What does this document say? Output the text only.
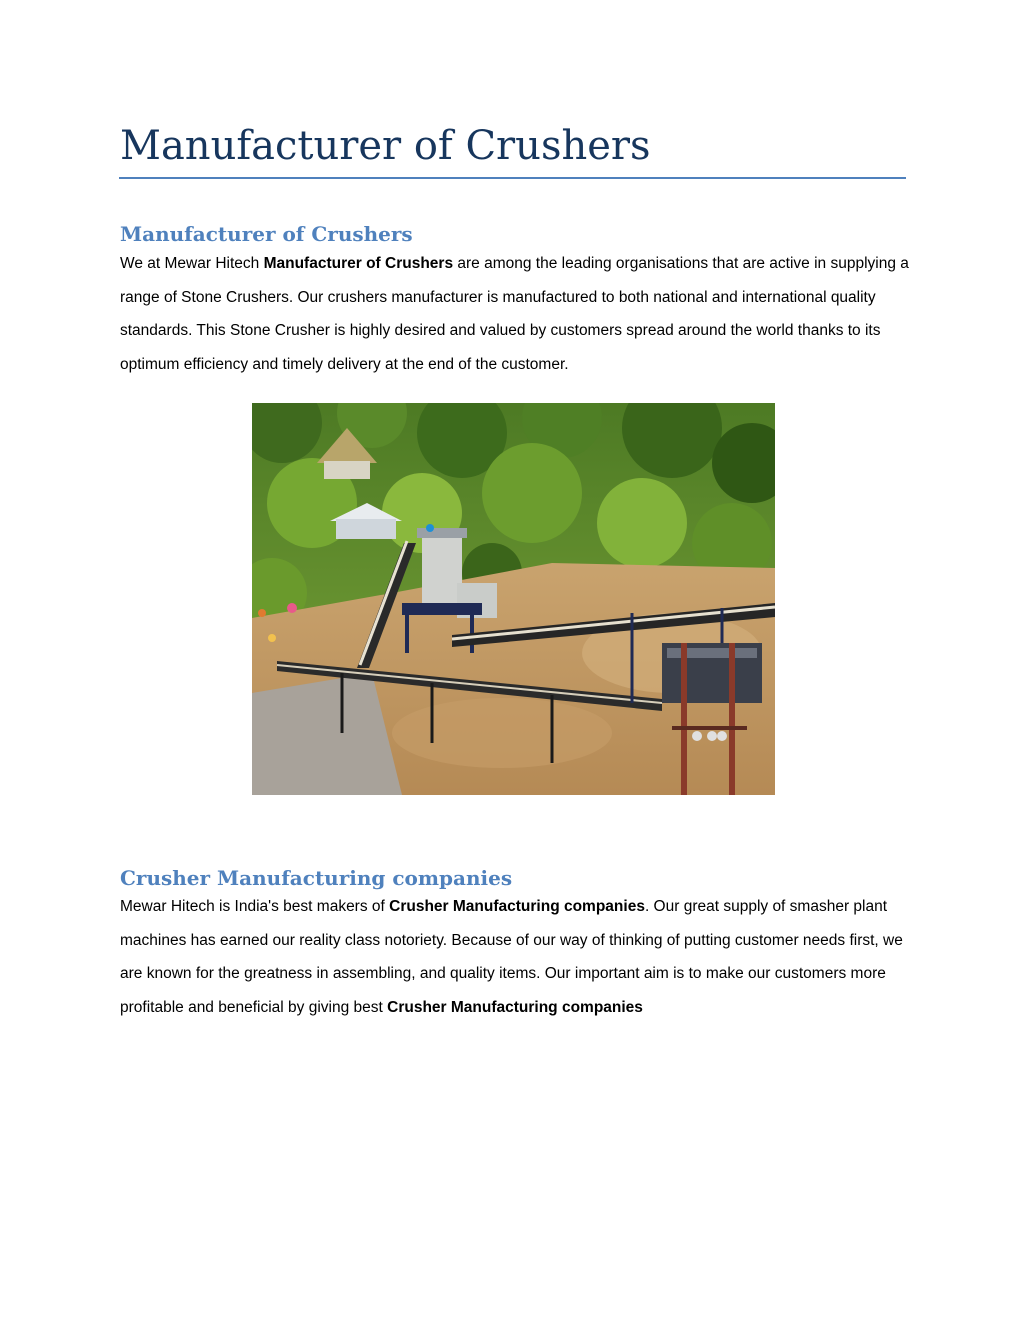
Manufacturer of Crushers
Manufacturer of Crushers

We at Mewar Hitech Manufacturer of Crushers are among the leading organisations that are active in supplying a range of Stone Crushers. Our crushers manufacturer is manufactured to both national and international quality standards. This Stone Crusher is highly desired and valued by customers spread around the world thanks to its optimum efficiency and timely delivery at the end of the customer.

Crusher Manufacturing companies

Mewar Hitech is India's best makers of Crusher Manufacturing companies. Our great supply of smasher plant machines has earned our reality class notoriety. Because of our way of thinking of putting customer needs first, we are known for the greatness in assembling, and quality items. Our important aim is to make our customers more profitable and beneficial by giving best Crusher Manufacturing companies
